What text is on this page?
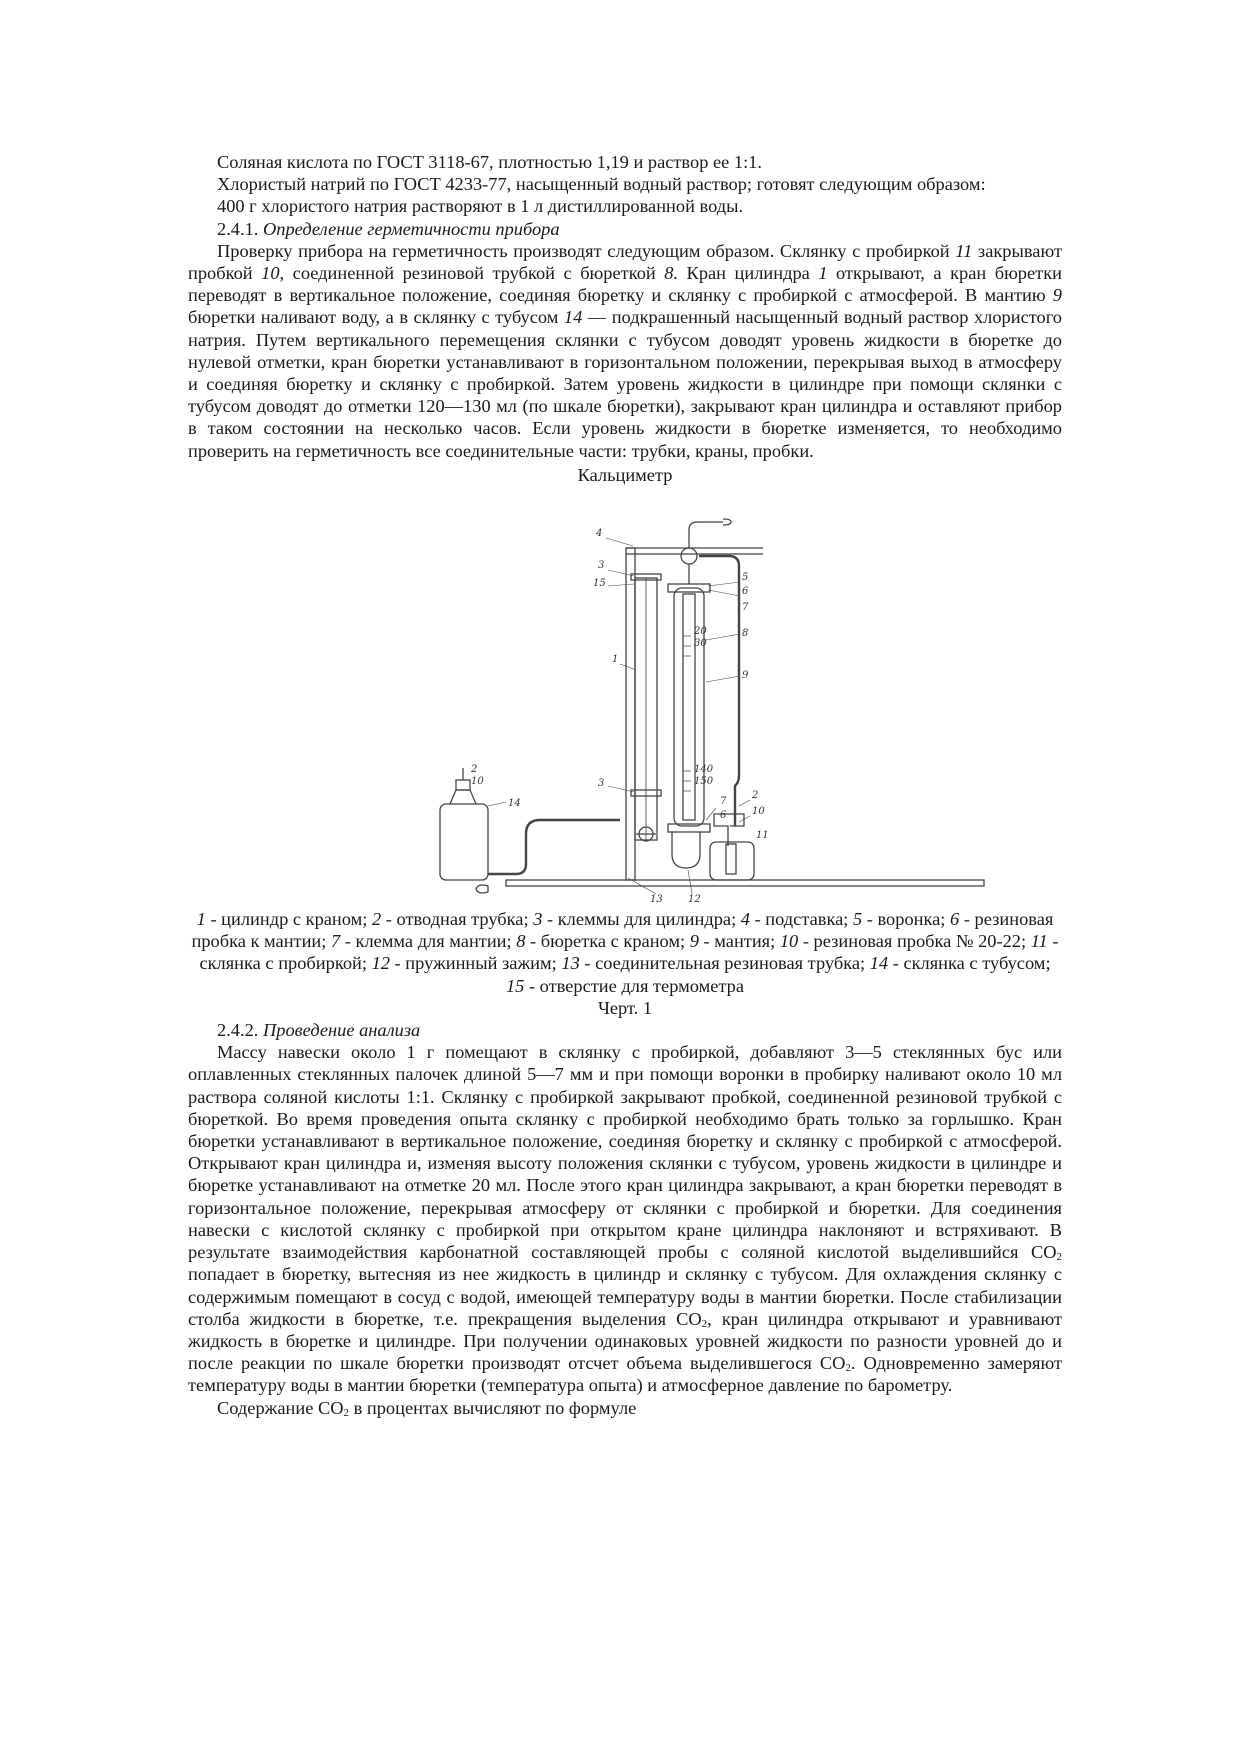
Соляная кислота по ГОСТ 3118-67, плотностью 1,19 и раствор ее 1:1.

Хлористый натрий по ГОСТ 4233-77, насыщенный водный раствор; готовят следующим образом:

400 г хлористого натрия растворяют в 1 л дистиллированной воды.

2.4.1. Определение герметичности прибора

Проверку прибора на герметичность производят следующим образом. Склянку с пробиркой 11 закрывают пробкой 10, соединенной резиновой трубкой с бюреткой 8. Кран цилиндра 1 открывают, а кран бюретки переводят в вертикальное положение, соединяя бюретку и склянку с пробиркой с атмосферой. В мантию 9 бюретки наливают воду, а в склянку с тубусом 14 — подкрашенный насыщенный водный раствор хлористого натрия. Путем вертикального перемещения склянки с тубусом доводят уровень жидкости в бюретке до нулевой отметки, кран бюретки устанавливают в горизонтальном положении, перекрывая выход в атмосферу и соединяя бюретку и склянку с пробиркой. Затем уровень жидкости в цилиндре при помощи склянки с тубусом доводят до отметки 120—130 мл (по шкале бюретки), закрывают кран цилиндра и оставляют прибор в таком состоянии на несколько часов. Если уровень жидкости в бюретке изменяется, то необходимо проверить на герметичность все соединительные части: трубки, краны, пробки.

Кальциметр

4
3
15
1
3
5
6
7
8
9
7
6
2
10
11
12
13
14
2
10
20
30
140
150

1 - цилиндр с краном; 2 - отводная трубка; 3 - клеммы для цилиндра; 4 - подставка; 5 - воронка; 6 - резиновая пробка к мантии; 7 - клемма для мантии; 8 - бюретка с краном; 9 - мантия; 10 - резиновая пробка № 20-22; 11 - склянка с пробиркой; 12 - пружинный зажим; 13 - соединительная резиновая трубка; 14 - склянка с тубусом; 15 - отверстие для термометра

Черт. 1

2.4.2. Проведение анализа

Массу навески около 1 г помещают в склянку с пробиркой, добавляют 3—5 стеклянных бус или оплавленных стеклянных палочек длиной 5—7 мм и при помощи воронки в пробирку наливают около 10 мл раствора соляной кислоты 1:1. Склянку с пробиркой закрывают пробкой, соединенной резиновой трубкой с бюреткой. Во время проведения опыта склянку с пробиркой необходимо брать только за горлышко. Кран бюретки устанавливают в вертикальное положение, соединяя бюретку и склянку с пробиркой с атмосферой. Открывают кран цилиндра и, изменяя высоту положения склянки с тубусом, уровень жидкости в цилиндре и бюретке устанавливают на отметке 20 мл. После этого кран цилиндра закрывают, а кран бюретки переводят в горизонтальное положение, перекрывая атмосферу от склянки с пробиркой и бюретки. Для соединения навески с кислотой склянку с пробиркой при открытом кране цилиндра наклоняют и встряхивают. В результате взаимодействия карбонатной составляющей пробы с соляной кислотой выделившийся $CO_2$ попадает в бюретку, вытесняя из нее жидкость в цилиндр и склянку с тубусом. Для охлаждения склянку с содержимым помещают в сосуд с водой, имеющей температуру воды в мантии бюретки. После стабилизации столба жидкости в бюретке, т.е. прекращения выделения $CO_2$, кран цилиндра открывают и уравнивают жидкость в бюретке и цилиндре. При получении одинаковых уровней жидкости по разности уровней до и после реакции по шкале бюретки производят отсчет объема выделившегося $CO_2$. Одновременно замеряют температуру воды в мантии бюретки (температура опыта) и атмосферное давление по барометру.

Содержание $CO_2$ в процентах вычисляют по формуле
